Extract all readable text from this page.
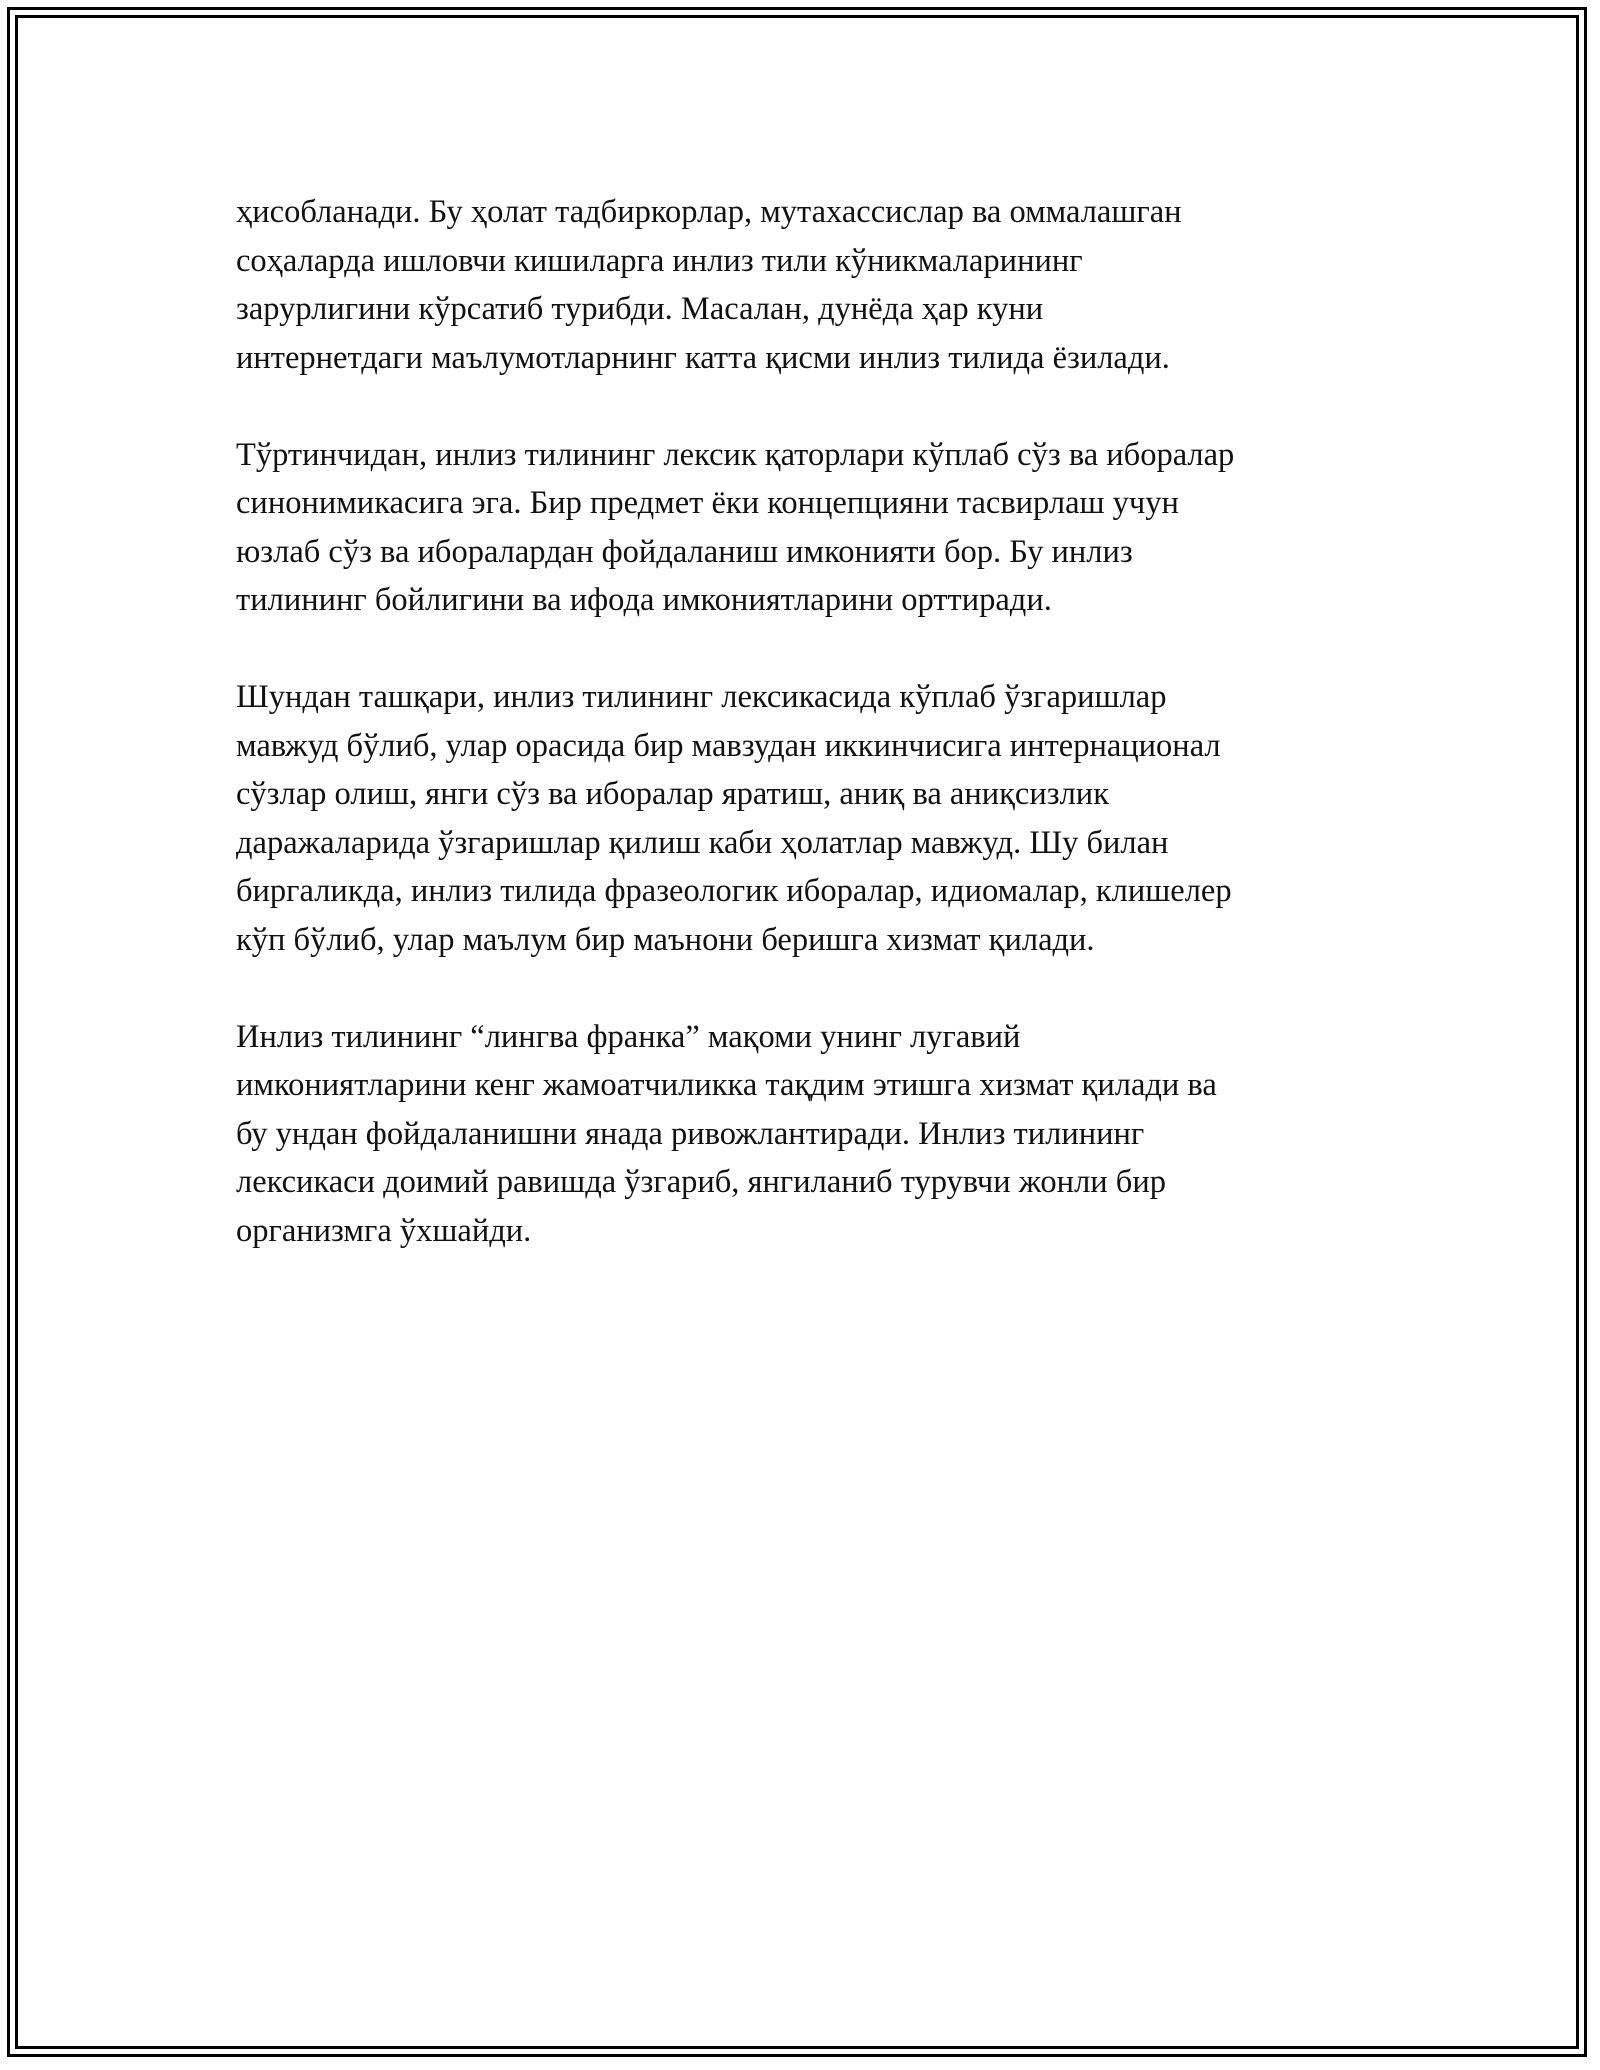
ҳисобланади. Бу ҳолат тадбиркорлар, мутахассислар ва оммалашган
соҳаларда ишловчи кишиларга инлиз тили кўникмаларининг
зарурлигини кўрсатиб турибди. Масалан, дунёда ҳар куни
интернетдаги маълумотларнинг катта қисми инлиз тилида ёзилади.

Тўртинчидан, инлиз тилининг лексик қаторлари кўплаб сўз ва иборалар
синонимикасига эга. Бир предмет ёки концепцияни тасвирлаш учун
юзлаб сўз ва ибoралардан фойдаланиш имконияти бор. Бу инлиз
тилининг бойлигини ва ифода имкониятларини орттиради.

Шундан ташқари, инлиз тилининг лексикасида кўплаб ўзгаришлар
мавжуд бўлиб, улар орасида бир мавзудан иккинчисига интернационал
сўзлар олиш, янги сўз ва иборалар яратиш, аниқ ва аниқсизлик
даражаларида ўзгаришлар қилиш каби ҳолатлар мавжуд. Шу билан
биргаликда, инлиз тилида фразеологик иборалар, идиомалар, клишелер
кўп бўлиб, улар маълум бир маънони беришга хизмат қилади.

Инлиз тилининг “лингва франка” мақоми унинг лугавий
имкониятларини кенг жамоатчиликка тақдим этишга хизмат қилади ва
бу ундан фойдаланишни янада ривожлантиради. Инлиз тилининг
лексикаси доимий равишда ўзгариб, янгиланиб турувчи жонли бир
организмга ўхшайди.
